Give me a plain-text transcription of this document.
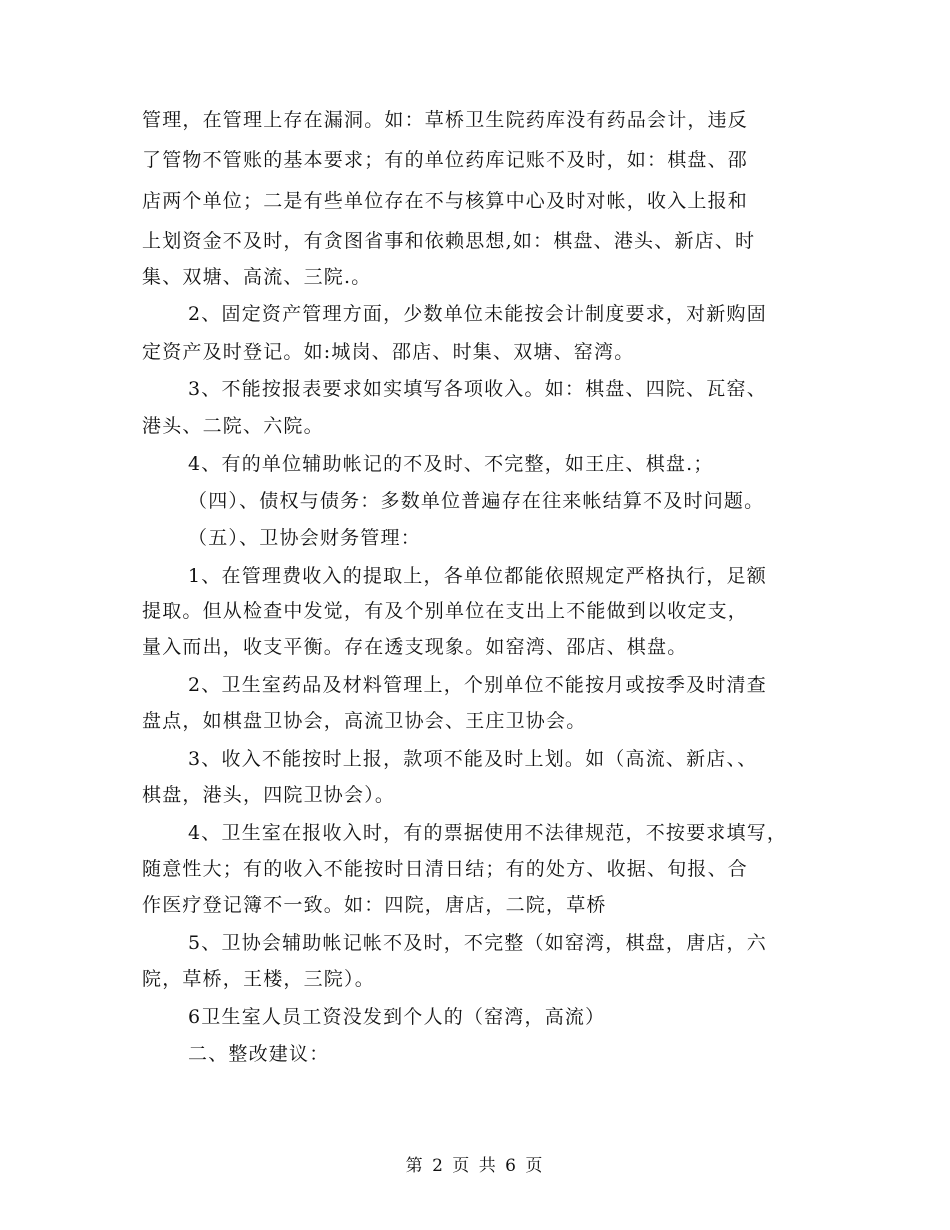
管理，在管理上存在漏洞。如：草桥卫生院药库没有药品会计，违反
了管物不管账的基本要求；有的单位药库记账不及时，如：棋盘、邵
店两个单位；二是有些单位存在不与核算中心及时对帐，收入上报和
上划资金不及时，有贪图省事和依赖思想,如：棋盘、港头、新店、时
集、双塘、高流、三院.。
2、固定资产管理方面，少数单位未能按会计制度要求，对新购固
定资产及时登记。如:城岗、邵店、时集、双塘、窑湾。
3、不能按报表要求如实填写各项收入。如：棋盘、四院、瓦窑、
港头、二院、六院。
4、有的单位辅助帐记的不及时、不完整，如王庄、棋盘.；
（四）、债权与债务：多数单位普遍存在往来帐结算不及时问题。
（五）、卫协会财务管理：
1、在管理费收入的提取上，各单位都能依照规定严格执行，足额
提取。但从检查中发觉，有及个别单位在支出上不能做到以收定支，
量入而出，收支平衡。存在透支现象。如窑湾、邵店、棋盘。
2、卫生室药品及材料管理上，个别单位不能按月或按季及时清查
盘点，如棋盘卫协会，高流卫协会、王庄卫协会。
3、收入不能按时上报，款项不能及时上划。如（高流、新店、、
棋盘，港头，四院卫协会）。
4、卫生室在报收入时，有的票据使用不法律规范，不按要求填写，
随意性大；有的收入不能按时日清日结；有的处方、收据、旬报、合
作医疗登记簿不一致。如：四院，唐店，二院，草桥
5、卫协会辅助帐记帐不及时，不完整（如窑湾，棋盘，唐店，六
院，草桥，王楼，三院）。
6卫生室人员工资没发到个人的（窑湾，高流）
二、整改建议：
第 2 页 共 6 页
